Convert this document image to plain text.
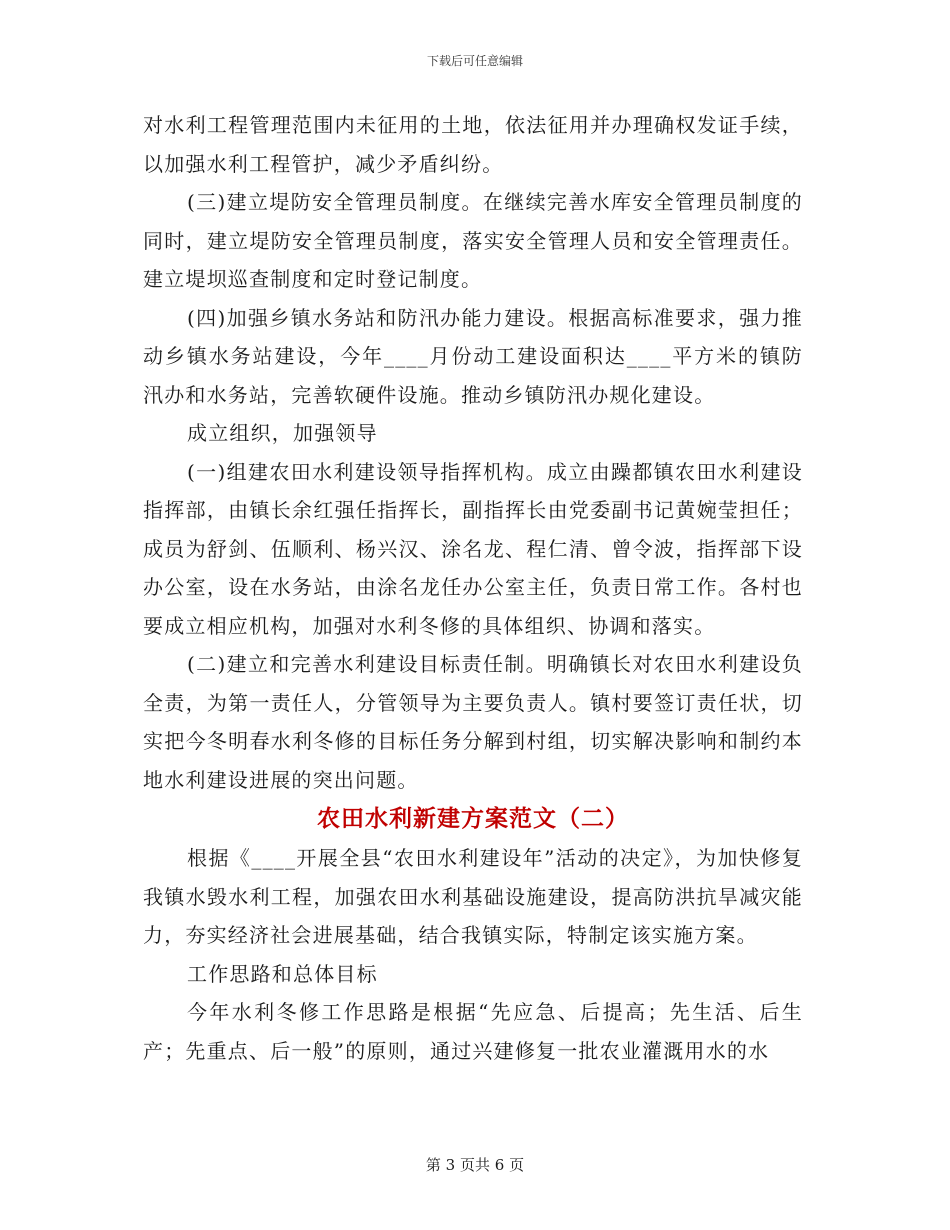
下载后可任意编辑

对水利工程管理范围内未征用的土地，依法征用并办理确权发证手续，以加强水利工程管护，减少矛盾纠纷。

(三)建立堤防安全管理员制度。在继续完善水库安全管理员制度的同时，建立堤防安全管理员制度，落实安全管理人员和安全管理责任。建立堤坝巡查制度和定时登记制度。

(四)加强乡镇水务站和防汛办能力建设。根据高标准要求，强力推动乡镇水务站建设，今年____月份动工建设面积达____平方米的镇防汛办和水务站，完善软硬件设施。推动乡镇防汛办规化建设。

成立组织，加强领导

(一)组建农田水利建设领导指挥机构。成立由躁都镇农田水利建设指挥部，由镇长余红强任指挥长，副指挥长由党委副书记黄婉莹担任；成员为舒剑、伍顺利、杨兴汉、涂名龙、程仁清、曾令波，指挥部下设办公室，设在水务站，由涂名龙任办公室主任，负责日常工作。各村也要成立相应机构，加强对水利冬修的具体组织、协调和落实。

(二)建立和完善水利建设目标责任制。明确镇长对农田水利建设负全责，为第一责任人，分管领导为主要负责人。镇村要签订责任状，切实把今冬明春水利冬修的目标任务分解到村组，切实解决影响和制约本地水利建设进展的突出问题。

农田水利新建方案范文（二）

根据《____开展全县“农田水利建设年”活动的决定》，为加快修复我镇水毁水利工程，加强农田水利基础设施建设，提高防洪抗旱减灾能力，夯实经济社会进展基础，结合我镇实际，特制定该实施方案。

工作思路和总体目标

今年水利冬修工作思路是根据“先应急、后提高；先生活、后生产；先重点、后一般”的原则，通过兴建修复一批农业灌溉用水的水

第 3 页共 6 页
